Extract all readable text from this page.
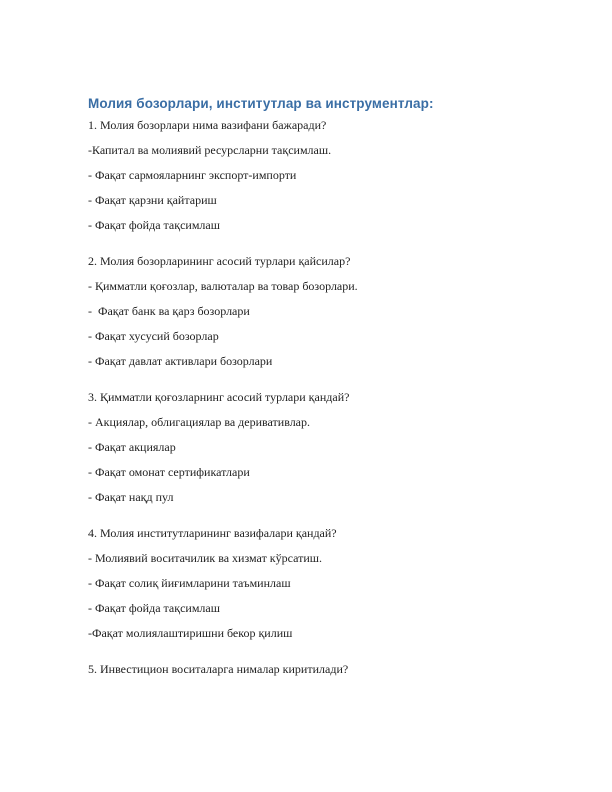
Молия бозорлари, институтлар ва инструментлар:

1. Молия бозорлари нима вазифани бажаради?

-Капитал ва молиявий ресурсларни тақсимлаш.

- Фақат сармояларнинг экспорт-импорти

- Фақат қарзни қайтариш

- Фақат фойда тақсимлаш

2. Молия бозорларининг асосий турлари қайсилар?

- Қимматли қоғозлар, валюталар ва товар бозорлари.

-  Фақат банк ва қарз бозорлари

- Фақат хусусий бозорлар

- Фақат давлат активлари бозорлари

3. Қимматли қоғозларнинг асосий турлари қандай?

- Акциялар, облигациялар ва деривативлар.

- Фақат акциялар

- Фақат омонат сертификатлари

- Фақат нақд пул

4. Молия институтларининг вазифалари қандай?

- Молиявий воситачилик ва хизмат кўрсатиш.

- Фақат солиқ йиғимларини таъминлаш

- Фақат фойда тақсимлаш

-Фақат молиялаштиришни бекор қилиш

5. Инвестицион воситаларга нималар киритилади?
